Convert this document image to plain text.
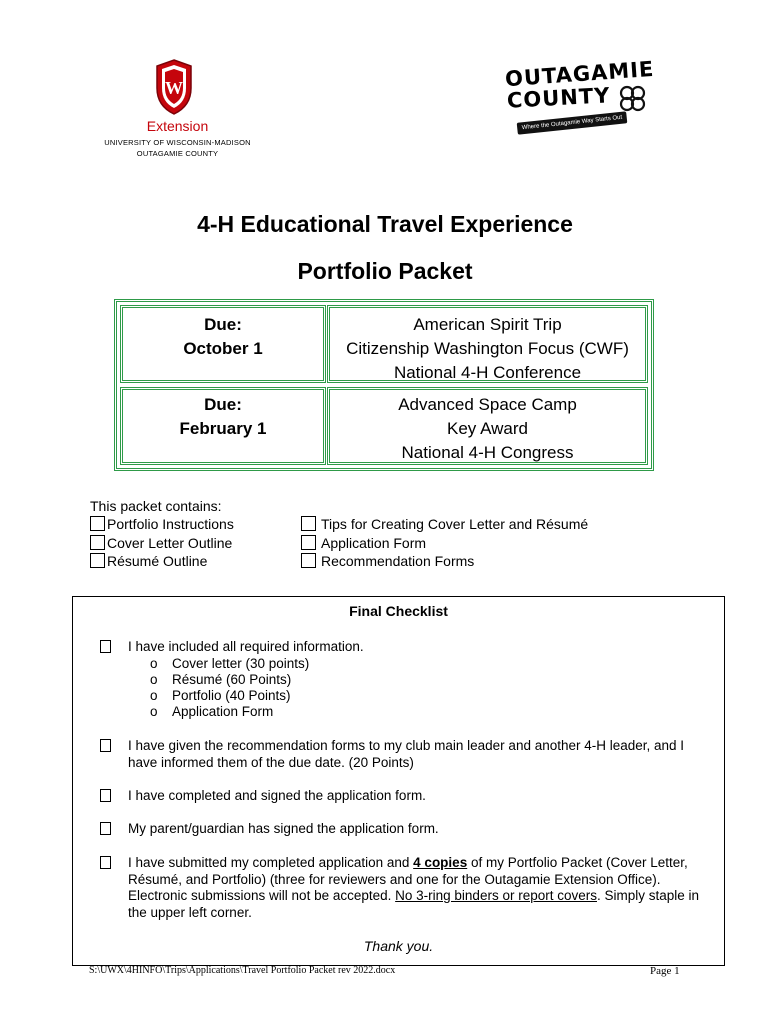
W
Extension
UNIVERSITY OF WISCONSIN-MADISON
OUTAGAMIE COUNTY
OUTAGAMIE
COUNTY
Where the Outagamie Way Starts Out
4-H Educational Travel Experience
Portfolio Packet
Due:
October 1
American Spirit Trip
Citizenship Washington Focus (CWF)
National 4-H Conference
Due:
February 1
Advanced Space Camp
Key Award
National 4-H Congress
This packet contains:
Portfolio Instructions
Cover Letter Outline
Résumé Outline
Tips for Creating Cover Letter and Résumé
Application Form
Recommendation Forms
Final Checklist
I have included all required information.
o Cover letter (30 points)
o Résumé (60 Points)
o Portfolio (40 Points)
o Application Form
I have given the recommendation forms to my club main leader and another 4-H leader, and I
have informed them of the due date. (20 Points)
I have completed and signed the application form.
My parent/guardian has signed the application form.
I have submitted my completed application and 4 copies of my Portfolio Packet (Cover Letter,
Résumé, and Portfolio) (three for reviewers and one for the Outagamie Extension Office).
Electronic submissions will not be accepted. No 3-ring binders or report covers. Simply staple in
the upper left corner.
Thank you.
S:\UWX\4HINFO\Trips\Applications\Travel Portfolio Packet rev 2022.docx	Page 1
